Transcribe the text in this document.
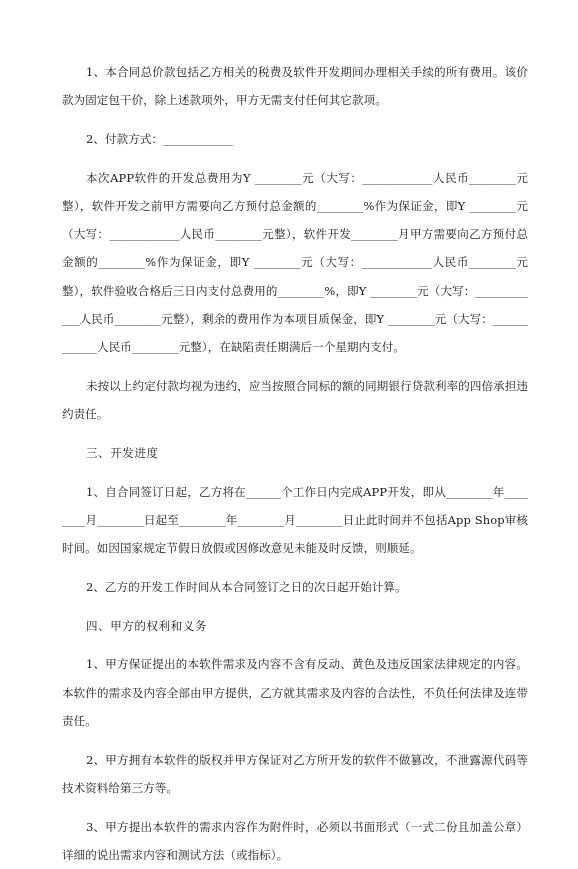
1、本合同总价款包括乙方相关的税费及软件开发期间办理相关手续的所有费用。该价款为固定包干价，除上述款项外，甲方无需支付任何其它款项。

2、付款方式：____________

本次APP软件的开发总费用为Y ________元（大写：____________人民币________元整），软件开发之前甲方需要向乙方预付总金额的________%作为保证金，即Y ________元（大写：____________人民币________元整），软件开发________月甲方需要向乙方预付总金额的________%作为保证金，即Y ________元（大写：____________人民币________元整），软件验收合格后三日内支付总费用的________%，即Y ________元（大写：____________人民币________元整），剩余的费用作为本项目质保金，即Y ________元（大写：____________人民币________元整），在缺陷责任期满后一个星期内支付。

未按以上约定付款均视为违约，应当按照合同标的额的同期银行贷款利率的四倍承担违约责任。

三、开发进度

1、自合同签订日起，乙方将在______个工作日内完成APP开发，即从________年________月________日起至________年________月________日止此时间并不包括App Shop审核时间。如因国家规定节假日放假或因修改意见未能及时反馈，则顺延。

2、乙方的开发工作时间从本合同签订之日的次日起开始计算。

四、甲方的权利和义务

1、甲方保证提出的本软件需求及内容不含有反动、黄色及违反国家法律规定的内容。本软件的需求及内容全部由甲方提供，乙方就其需求及内容的合法性，不负任何法律及连带责任。

2、甲方拥有本软件的版权并甲方保证对乙方所开发的软件不做篡改，不泄露源代码等技术资料给第三方等。

3、甲方提出本软件的需求内容作为附件时，必须以书面形式（一式二份且加盖公章）详细的说出需求内容和测试方法（或指标）。
